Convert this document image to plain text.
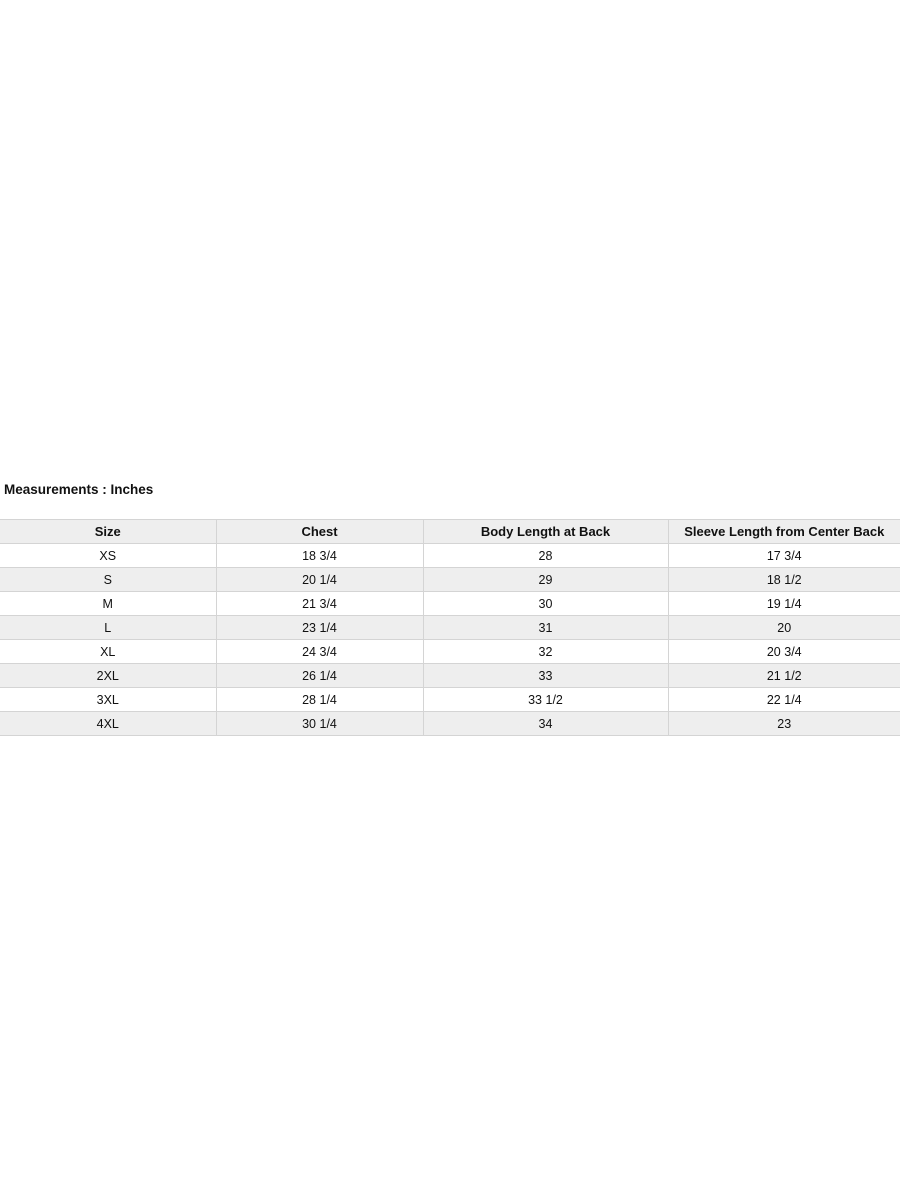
Measurements : Inches
Size	Chest	Body Length at Back	Sleeve Length from Center Back
XS	18 3/4	28	17 3/4
S	20 1/4	29	18 1/2
M	21 3/4	30	19 1/4
L	23 1/4	31	20
XL	24 3/4	32	20 3/4
2XL	26 1/4	33	21 1/2
3XL	28 1/4	33 1/2	22 1/4
4XL	30 1/4	34	23
